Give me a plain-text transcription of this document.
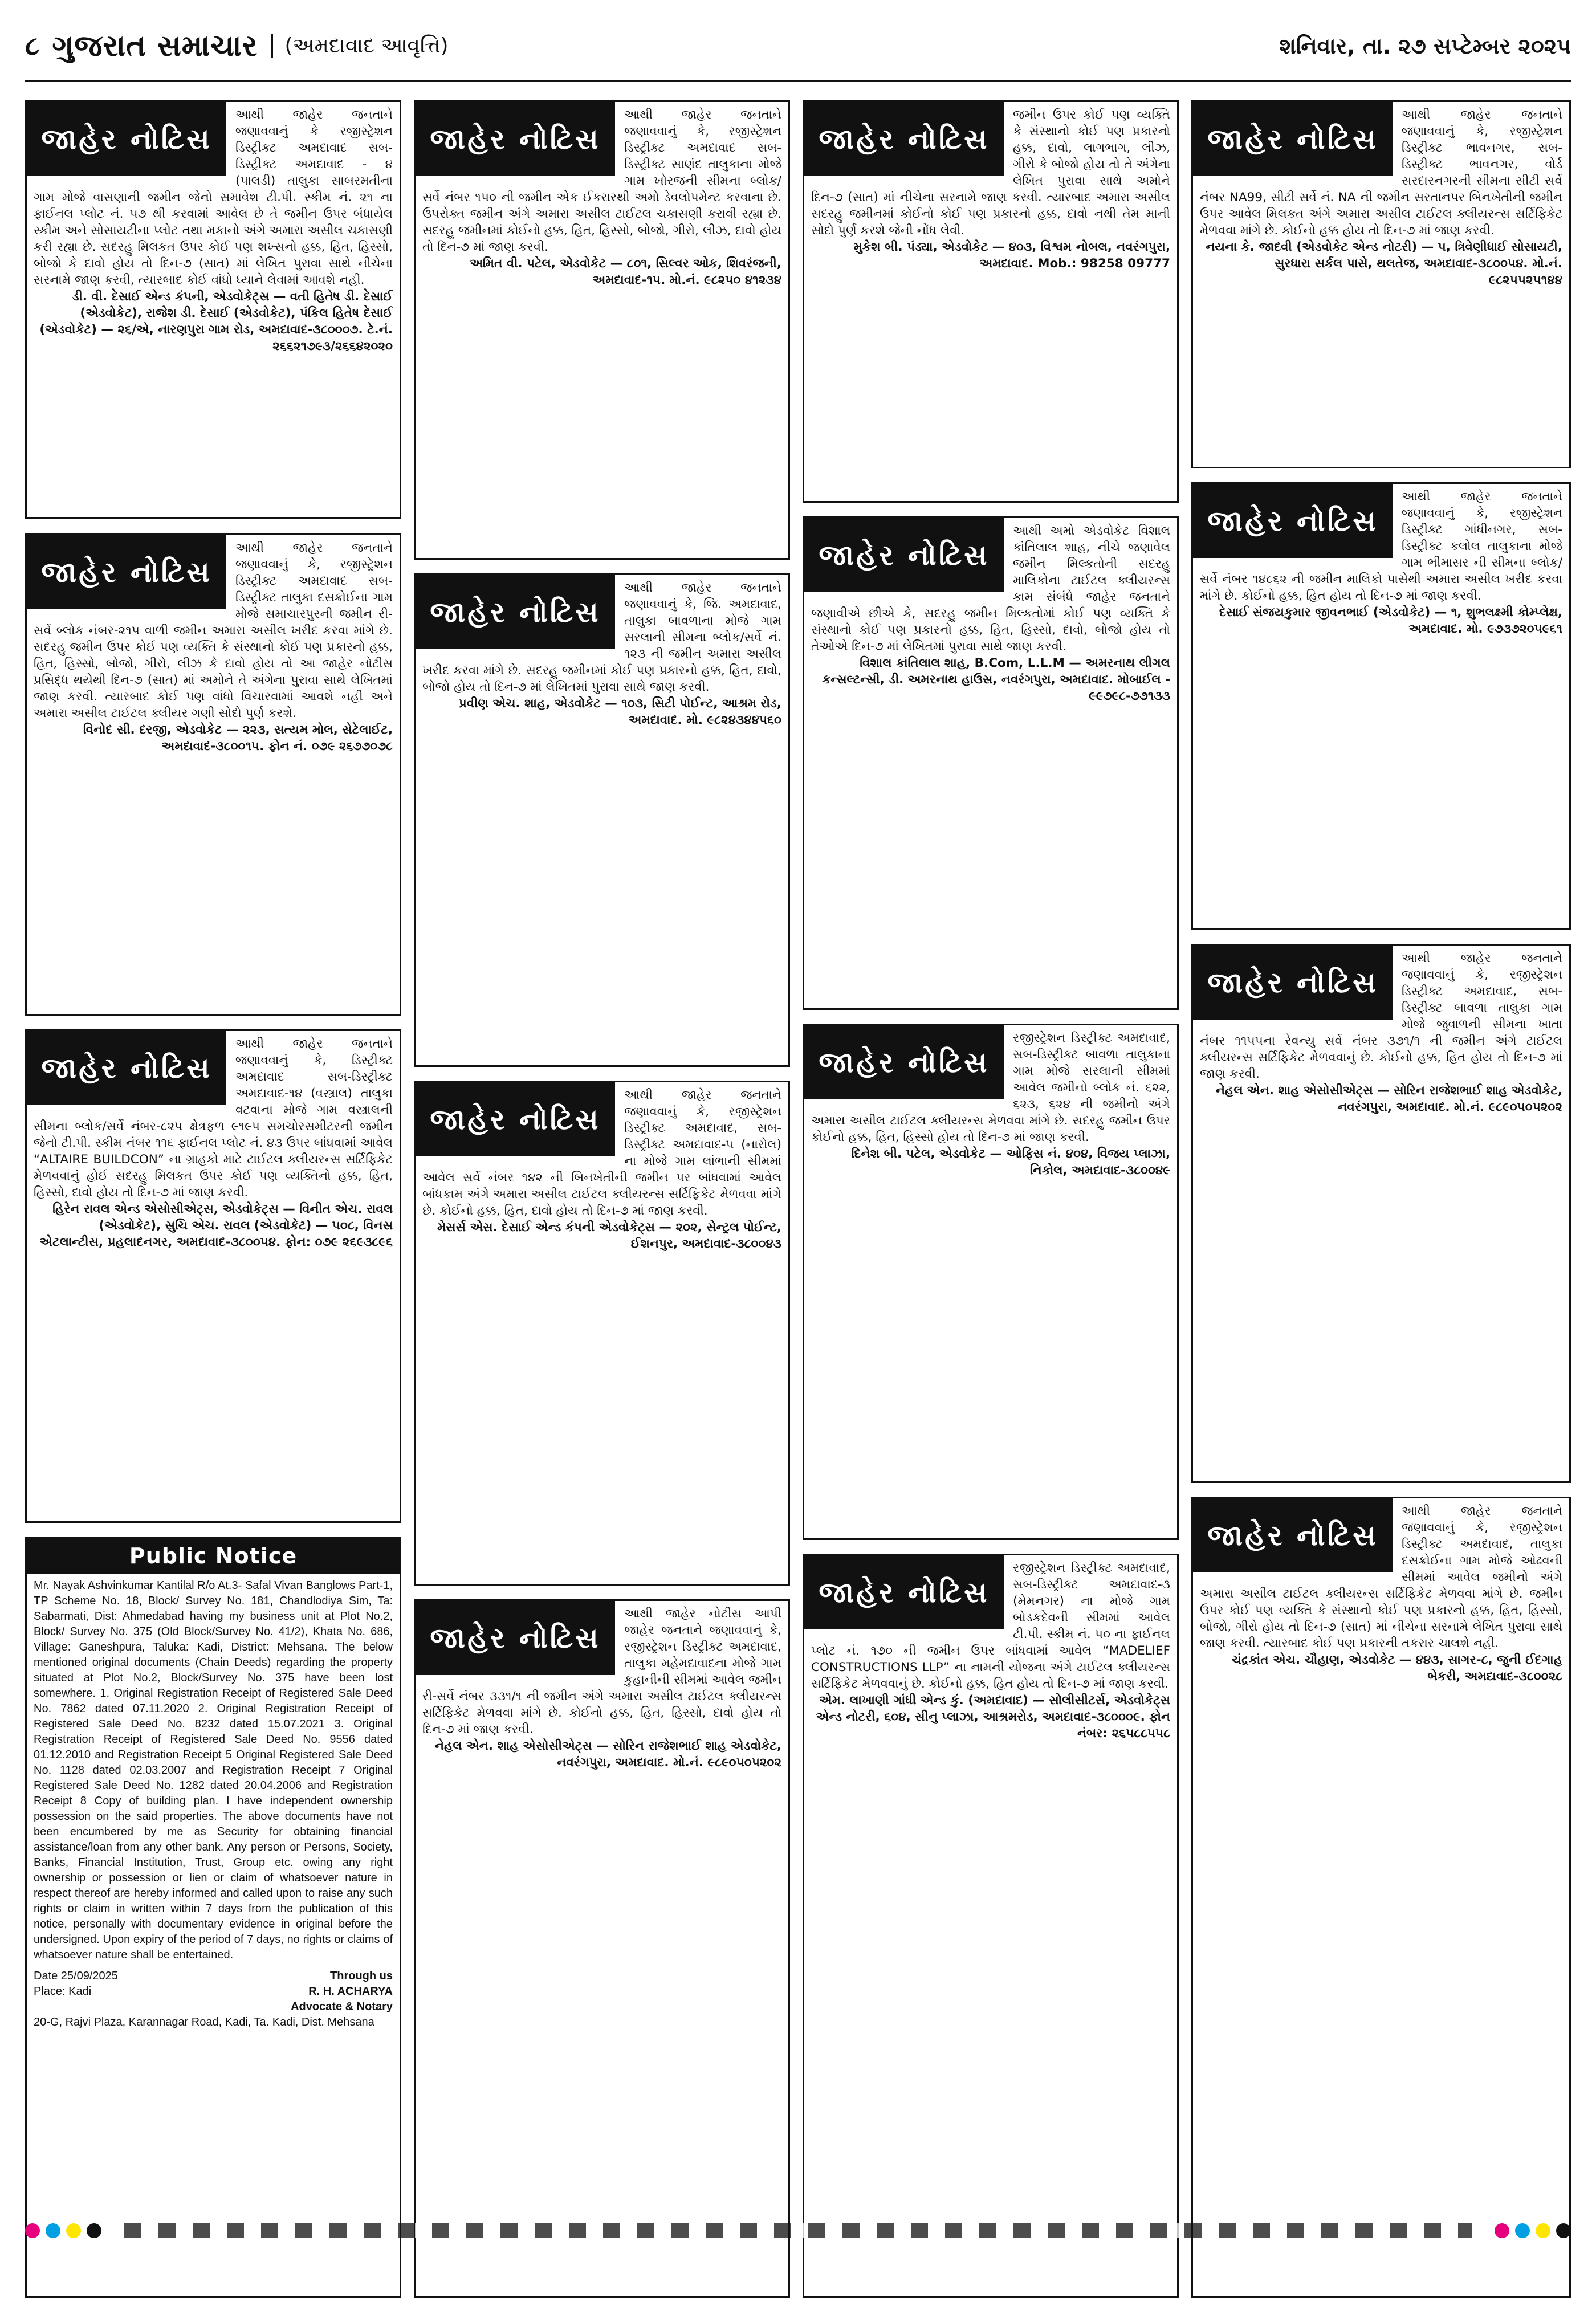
૮ ગુજરાત સમાચાર	(અમદાવાદ આવૃત્તિ)	શનિવાર, તા. ૨૭ સપ્ટેમ્બર ૨૦૨૫
જાહેર નોટિસ
આથી જાહેર જનતાને જણાવવાનું કે રજીસ્ટ્રેશન ડિસ્ટ્રીક્ટ અમદાવાદ સબ-ડિસ્ટ્રીક્ટ અમદાવાદ - ૪ (પાલડી) તાલુકા સાબરમતીના ગામ મોજે વાસણાની જમીન જેનો સમાવેશ ટી.પી. સ્કીમ નં. ૨૧ ના ફાઈનલ પ્લોટ નં. ૫૭ થી કરવામાં આવેલ છે તે જમીન ઉપર બંધાયેલ સ્કીમ અને સોસાયટીના પ્લોટ તથા મકાનો અંગે અમારા અસીલ ચકાસણી કરી રહ્યા છે. સદરહુ મિલકત ઉપર કોઈ પણ શખ્સનો હક્ક, હિત, હિસ્સો, બોજો કે દાવો હોય તો દિન-૭ (સાત) માં લેખિત પુરાવા સાથે નીચેના સરનામે જાણ કરવી, ત્યારબાદ કોઈ વાંધો ધ્યાને લેવામાં આવશે નહી.
ડી. વી. દેસાઈ એન્ડ કંપની, એડવોકેટ્સ — વતી હિતેષ ડી. દેસાઈ (એડવોકેટ), રાજેશ ડી. દેસાઈ (એડવોકેટ), પંકિલ હિતેષ દેસાઈ (એડવોકેટ) — ૨૬/એ, નારણપુરા ગામ રોડ, અમદાવાદ-૩૮૦૦૦૭. ટે.નં. ૨૬૬૨૧૭૯૩/૨૬૬૪૨૦૨૦
જાહેર નોટિસ
આથી જાહેર જનતાને જણાવવાનું કે, રજીસ્ટ્રેશન ડિસ્ટ્રીક્ટ અમદાવાદ સબ-ડિસ્ટ્રીક્ટ તાલુકા દસક્રોઈના ગામ મોજે સમાચારપુરની જમીન રી-સર્વે બ્લોક નંબર-૨૧૫ વાળી જમીન અમારા અસીલ ખરીદ કરવા માંગે છે. સદરહુ જમીન ઉપર કોઈ પણ વ્યક્તિ કે સંસ્થાનો કોઈ પણ પ્રકારનો હક્ક, હિત, હિસ્સો, બોજો, ગીરો, લીઝ કે દાવો હોય તો આ જાહેર નોટીસ પ્રસિદ્ધ થયેથી દિન-૭ (સાત) માં અમોને તે અંગેના પુરાવા સાથે લેખિતમાં જાણ કરવી. ત્યારબાદ કોઈ પણ વાંધો વિચારવામાં આવશે નહી અને અમારા અસીલ ટાઈટલ ક્લીયર ગણી સોદો પુર્ણ કરશે.
વિનોદ સી. દરજી, એડવોકેટ — ૨૨૩, સત્યમ મોલ, સેટેલાઈટ, અમદાવાદ-૩૮૦૦૧૫. ફોન નં. ૦૭૯ ૨૬૭૭૦૭૮
જાહેર નોટિસ
આથી જાહેર જનતાને જણાવવાનું કે, ડિસ્ટ્રીક્ટ અમદાવાદ સબ-ડિસ્ટ્રીક્ટ અમદાવાદ-૧૪ (વસ્ત્રાલ) તાલુકા વટવાના મોજે ગામ વસ્ત્રાલની સીમના બ્લોક/સર્વે નંબર-૮૨૫ ક્ષેત્રફળ ૯૧૯૫ સમચોરસમીટરની જમીન જેનો ટી.પી. સ્કીમ નંબર ૧૧૬ ફાઈનલ પ્લોટ નં. ૪૩ ઉપર બાંધવામાં આવેલ “ALTAIRE BUILDCON” ના ગ્રાહકો માટે ટાઈટલ ક્લીયરન્સ સર્ટિફિકેટ મેળવવાનું હોઈ સદરહુ મિલકત ઉપર કોઈ પણ વ્યક્તિનો હક્ક, હિત, હિસ્સો, દાવો હોય તો દિન-૭ માં જાણ કરવી.
હિરેન રાવલ એન્ડ એસોસીએટ્સ, એડવોકેટ્સ — વિનીત એચ. રાવલ (એડવોકેટ), સુચિ એચ. રાવલ (એડવોકેટ) — ૫૦૮, વિનસ એટલાન્ટીસ, પ્રહલાદનગર, અમદાવાદ-૩૮૦૦૫૪. ફોન: ૦૭૯ ૨૬૯૩૮૯૬
Public Notice
Mr. Nayak Ashvinkumar Kantilal R/o At.3- Safal Vivan Banglows Part-1, TP Scheme No. 18, Block/ Survey No. 181, Chandlodiya Sim, Ta: Sabarmati, Dist: Ahmedabad having my business unit at Plot No.2, Block/ Survey No. 375 (Old Block/Survey No. 41/2), Khata No. 686, Village: Ganeshpura, Taluka: Kadi, District: Mehsana. The below mentioned original documents (Chain Deeds) regarding the property situated at Plot No.2, Block/Survey No. 375 have been lost somewhere. 1. Original Registration Receipt of Registered Sale Deed No. 7862 dated 07.11.2020 2. Original Registration Receipt of Registered Sale Deed No. 8232 dated 15.07.2021 3. Original Registration Receipt of Registered Sale Deed No. 9556 dated 01.12.2010 and Registration Receipt 5 Original Registered Sale Deed No. 1128 dated 02.03.2007 and Registration Receipt 7 Original Registered Sale Deed No. 1282 dated 20.04.2006 and Registration Receipt 8 Copy of building plan. I have independent ownership possession on the said properties. The above documents have not been encumbered by me as Security for obtaining financial assistance/loan from any other bank. Any person or Persons, Society, Banks, Financial Institution, Trust, Group etc. owing any right ownership or possession or lien or claim of whatsoever nature in respect thereof are hereby informed and called upon to raise any such rights or claim in written within 7 days from the publication of this notice, personally with documentary evidence in original before the undersigned. Upon expiry of the period of 7 days, no rights or claims of whatsoever nature shall be entertained.
Date 25/09/2025
Place: Kadi
Through us
R. H. ACHARYA
Advocate & Notary
20-G, Rajvi Plaza, Karannagar Road, Kadi, Ta. Kadi, Dist. Mehsana
જાહેર નોટિસ
આથી જાહેર જનતાને જણાવવાનું કે, રજીસ્ટ્રેશન ડિસ્ટ્રીક્ટ અમદાવાદ સબ-ડિસ્ટ્રીક્ટ સાણંદ તાલુકાના મોજે ગામ ખોરજની સીમના બ્લોક/સર્વે નંબર ૧૫૦ ની જમીન એક ઈકરારથી અમો ડેવલોપમેન્ટ કરવાના છે. ઉપરોક્ત જમીન અંગે અમારા અસીલ ટાઈટલ ચકાસણી કરાવી રહ્યા છે. સદરહુ જમીનમાં કોઈનો હક્ક, હિત, હિસ્સો, બોજો, ગીરો, લીઝ, દાવો હોય તો દિન-૭ માં જાણ કરવી.
અમિત વી. પટેલ, એડવોકેટ — ૮૦૧, સિલ્વર ઓક, શિવરંજની, અમદાવાદ-૧૫. મો.નં. ૯૮૨૫૦ ૪૧૨૩૪
જાહેર નોટિસ
આથી જાહેર જનતાને જણાવવાનું કે, જિ. અમદાવાદ, તાલુકા બાવળાના મોજે ગામ સરલાની સીમના બ્લોક/સર્વે નં. ૧૨૩ ની જમીન અમારા અસીલ ખરીદ કરવા માંગે છે. સદરહુ જમીનમાં કોઈ પણ પ્રકારનો હક્ક, હિત, દાવો, બોજો હોય તો દિન-૭ માં લેખિતમાં પુરાવા સાથે જાણ કરવી.
પ્રવીણ એચ. શાહ, એડવોકેટ — ૧૦૩, સિટી પોઈન્ટ, આશ્રમ રોડ, અમદાવાદ. મો. ૯૮૨૪૩૪૪૫૬૦
જાહેર નોટિસ
આથી જાહેર જનતાને જણાવવાનું કે, રજીસ્ટ્રેશન ડિસ્ટ્રીક્ટ અમદાવાદ, સબ-ડિસ્ટ્રીક્ટ અમદાવાદ-૫ (નારોલ) ના મોજે ગામ લાંભાની સીમમાં આવેલ સર્વે નંબર ૧૪૨ ની બિનખેતીની જમીન પર બાંધવામાં આવેલ બાંધકામ અંગે અમારા અસીલ ટાઈટલ ક્લીયરન્સ સર્ટિફિકેટ મેળવવા માંગે છે. કોઈનો હક્ક, હિત, દાવો હોય તો દિન-૭ માં જાણ કરવી.
મેસર્સ એસ. દેસાઈ એન્ડ કંપની એડવોકેટ્સ — ૨૦૨, સેન્ટ્રલ પોઈન્ટ, ઈશનપુર, અમદાવાદ-૩૮૦૦૪૩
જાહેર નોટિસ
આથી જાહેર નોટીસ આપી જાહેર જનતાને જણાવવાનું કે, રજીસ્ટ્રેશન ડિસ્ટ્રીક્ટ અમદાવાદ, તાલુકા મહેમદાવાદના મોજે ગામ કુહાનીની સીમમાં આવેલ જમીન રી-સર્વે નંબર ૩૩૧/૧ ની જમીન અંગે અમારા અસીલ ટાઈટલ ક્લીયરન્સ સર્ટિફિકેટ મેળવવા માંગે છે. કોઈનો હક્ક, હિત, હિસ્સો, દાવો હોય તો દિન-૭ માં જાણ કરવી.
નેહલ એન. શાહ એસોસીએટ્સ — સોરિન રાજેશભાઈ શાહ એડવોકેટ, નવરંગપુરા, અમદાવાદ. મો.નં. ૯૮૯૦૫૦૫૨૦૨
જાહેર નોટિસ
જમીન ઉપર કોઈ પણ વ્યક્તિ કે સંસ્થાનો કોઈ પણ પ્રકારનો હક્ક, દાવો, લાગભાગ, લીઝ, ગીરો કે બોજો હોય તો તે અંગેના લેખિત પુરાવા સાથે અમોને દિન-૭ (સાત) માં નીચેના સરનામે જાણ કરવી. ત્યારબાદ અમારા અસીલ સદરહુ જમીનમાં કોઈનો કોઈ પણ પ્રકારનો હક્ક, દાવો નથી તેમ માની સોદો પુર્ણ કરશે જેની નોંધ લેવી.
મુકેશ બી. પંડ્યા, એડવોકેટ — ૪૦૩, વિશ્વમ નોબલ, નવરંગપુરા, અમદાવાદ. Mob.: 98258 09777
જાહેર નોટિસ
આથી અમો એડવોકેટ વિશાલ કાંતિલાલ શાહ, નીચે જણાવેલ જમીન મિલ્કતોની સદરહુ માલિકોના ટાઈટલ ક્લીયરન્સ કામ સંબંધે જાહેર જનતાને જણાવીએ છીએ કે, સદરહુ જમીન મિલ્કતોમાં કોઈ પણ વ્યક્તિ કે સંસ્થાનો કોઈ પણ પ્રકારનો હક્ક, હિત, હિસ્સો, દાવો, બોજો હોય તો તેઓએ દિન-૭ માં લેખિતમાં પુરાવા સાથે જાણ કરવી.
વિશાલ કાંતિલાલ શાહ, B.Com, L.L.M — અમરનાથ લીગલ કન્સલ્ટન્સી, ડી. અમરનાથ હાઉસ, નવરંગપુરા, અમદાવાદ. મોબાઈલ - ૯૯૭૯૮-૭૭૧૩૩
જાહેર નોટિસ
રજીસ્ટ્રેશન ડિસ્ટ્રીક્ટ અમદાવાદ, સબ-ડિસ્ટ્રીક્ટ બાવળા તાલુકાના ગામ મોજે સરલાની સીમમાં આવેલ જમીનો બ્લોક નં. ૬૨૨, ૬૨૩, ૬૨૪ ની જમીનો અંગે અમારા અસીલ ટાઈટલ ક્લીયરન્સ મેળવવા માંગે છે. સદરહુ જમીન ઉપર કોઈનો હક્ક, હિત, હિસ્સો હોય તો દિન-૭ માં જાણ કરવી.
દિનેશ બી. પટેલ, એડવોકેટ — ઓફિસ નં. ૪૦૪, વિજય પ્લાઝા, નિકોલ, અમદાવાદ-૩૮૦૦૪૯
જાહેર નોટિસ
રજીસ્ટ્રેશન ડિસ્ટ્રીક્ટ અમદાવાદ, સબ-ડિસ્ટ્રીક્ટ અમદાવાદ-૩ (મેમનગર) ના મોજે ગામ બોડકદેવની સીમમાં આવેલ ટી.પી. સ્કીમ નં. ૫૦ ના ફાઈનલ પ્લોટ નં. ૧૭૦ ની જમીન ઉપર બાંધવામાં આવેલ “MADELIEF CONSTRUCTIONS LLP” ના નામની યોજના અંગે ટાઈટલ ક્લીયરન્સ સર્ટિફિકેટ મેળવવાનું છે. કોઈનો હક્ક, હિત હોય તો દિન-૭ માં જાણ કરવી.
એમ. લાખાણી ગાંધી એન્ડ કું. (અમદાવાદ) — સોલીસીટર્સ, એડવોકેટ્સ એન્ડ નોટરી, ૬૦૪, સીનુ પ્લાઝા, આશ્રમરોડ, અમદાવાદ-૩૮૦૦૦૯. ફોન નંબર: ૨૬૫૮૮૫૫૮
જાહેર નોટિસ
આથી જાહેર જનતાને જણાવવાનું કે, રજીસ્ટ્રેશન ડિસ્ટ્રીક્ટ ભાવનગર, સબ-ડિસ્ટ્રીક્ટ ભાવનગર, વોર્ડ સરદારનગરની સીમના સીટી સર્વે નંબર NA99, સીટી સર્વે નં. NA ની જમીન સરતાનપર બિનખેતીની જમીન ઉપર આવેલ મિલકત અંગે અમારા અસીલ ટાઈટલ ક્લીયરન્સ સર્ટિફિકેટ મેળવવા માંગે છે. કોઈનો હક્ક હોય તો દિન-૭ માં જાણ કરવી.
નયના કે. જાદવી (એડવોકેટ એન્ડ નોટરી) — ૫, ત્રિવેણીધાઈ સોસાયટી, સુરધારા સર્કલ પાસે, થલતેજ, અમદાવાદ-૩૮૦૦૫૪. મો.નં. ૯૮૨૫૫૨૫૧૪૪
જાહેર નોટિસ
આથી જાહેર જનતાને જણાવવાનું કે, રજીસ્ટ્રેશન ડિસ્ટ્રીક્ટ ગાંધીનગર, સબ-ડિસ્ટ્રીક્ટ કલોલ તાલુકાના મોજે ગામ ભીમાસર ની સીમના બ્લોક/સર્વે નંબર ૧૪૮૬૨ ની જમીન માલિકો પાસેથી અમારા અસીલ ખરીદ કરવા માંગે છે. કોઈનો હક્ક, હિત હોય તો દિન-૭ માં જાણ કરવી.
દેસાઈ સંજયકુમાર જીવનભાઈ (એડવોકેટ) — ૧, શુભલક્ષ્મી કોમ્પ્લેક્ષ, અમદાવાદ. મો. ૯૭૩૭૨૦૫૯૬૧
જાહેર નોટિસ
આથી જાહેર જનતાને જણાવવાનું કે, રજીસ્ટ્રેશન ડિસ્ટ્રીક્ટ અમદાવાદ, સબ-ડિસ્ટ્રીક્ટ બાવળા તાલુકા ગામ મોજે જુવાળની સીમના ખાતા નંબર ૧૧૫૫ના રેવન્યુ સર્વે નંબર ૩૭૧/૧ ની જમીન અંગે ટાઈટલ ક્લીયરન્સ સર્ટિફિકેટ મેળવવાનું છે. કોઈનો હક્ક, હિત હોય તો દિન-૭ માં જાણ કરવી.
નેહલ એન. શાહ એસોસીએટ્સ — સોરિન રાજેશભાઈ શાહ એડવોકેટ, નવરંગપુરા, અમદાવાદ. મો.નં. ૯૮૯૦૫૦૫૨૦૨
જાહેર નોટિસ
આથી જાહેર જનતાને જણાવવાનું કે, રજીસ્ટ્રેશન ડિસ્ટ્રીક્ટ અમદાવાદ, તાલુકા દસક્રોઈના ગામ મોજે ઓઢવની સીમમાં આવેલ જમીનો અંગે અમારા અસીલ ટાઈટલ ક્લીયરન્સ સર્ટિફિકેટ મેળવવા માંગે છે. જમીન ઉપર કોઈ પણ વ્યક્તિ કે સંસ્થાનો કોઈ પણ પ્રકારનો હક્ક, હિત, હિસ્સો, બોજો, ગીરો હોય તો દિન-૭ (સાત) માં નીચેના સરનામે લેખિત પુરાવા સાથે જાણ કરવી. ત્યારબાદ કોઈ પણ પ્રકારની તકરાર ચાલશે નહી.
ચંદ્રકાંત એચ. ચૌહાણ, એડવોકેટ — ૪૪૩, સાગર-૮, જુની ઈદગાહ બેકરી, અમદાવાદ-૩૮૦૦૨૮
